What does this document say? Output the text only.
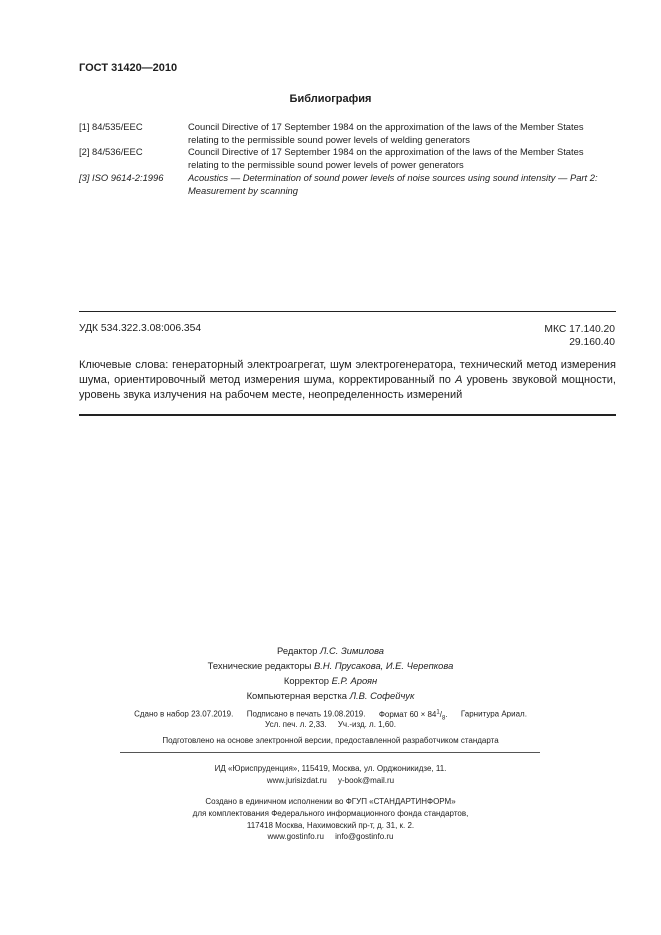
ГОСТ 31420—2010
Библиография
[1] 84/535/ЕЕС	Council Directive of 17 September 1984 on the approximation of the laws of the Member States relating to the permissible sound power levels of welding generators
[2] 84/536/ЕЕС	Council Directive of 17 September 1984 on the approximation of the laws of the Member States relating to the permissible sound power levels of power generators
[3] ISO 9614-2:1996	Acoustics — Determination of sound power levels of noise sources using sound intensity — Part 2: Measurement by scanning
УДК 534.322.3.08:006.354	МКС 17.140.20
29.160.40
Ключевые слова: генераторный электроагрегат, шум электрогенератора, технический метод измерения шума, ориентировочный метод измерения шума, корректированный по А уровень звуковой мощности, уровень звука излучения на рабочем месте, неопределенность измерений
Редактор Л.С. Зимилова
Технические редакторы В.Н. Прусакова, И.Е. Черепкова
Корректор Е.Р. Ароян
Компьютерная верстка Л.В. Софейчук
Сдано в набор 23.07.2019. Подписано в печать 19.08.2019. Формат $60 \times 84^1/_8$. Гарнитура Ариал.
Усл. печ. л. 2,33. Уч.-изд. л. 1,60.
Подготовлено на основе электронной версии, предоставленной разработчиком стандарта
ИД «Юриспруденция», 115419, Москва, ул. Орджоникидзе, 11.
www.jurisizdat.ru     y-book@mail.ru
Создано в единичном исполнении во ФГУП «СТАНДАРТИНФОРМ»
для комплектования Федерального информационного фонда стандартов,
117418 Москва, Нахимовский пр-т, д. 31, к. 2.
www.gostinfo.ru     info@gostinfo.ru
